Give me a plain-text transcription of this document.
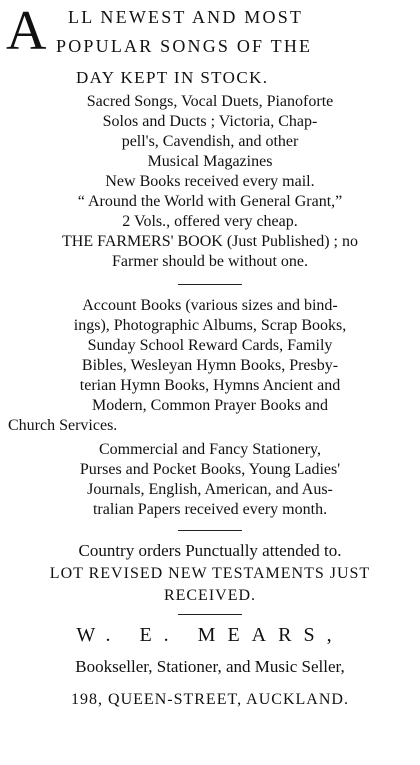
A LL NEWEST AND MOST
POPULAR SONGS OF THE
DAY KEPT IN STOCK.
Sacred Songs, Vocal Duets, Pianoforte
Solos and Ducts ; Victoria, Chap-
pell's, Cavendish, and other
Musical Magazines
New Books received every mail.
“ Around the World with General Grant,”
2 Vols., offered very cheap.
THE FARMERS' BOOK (Just Published) ; no
Farmer should be without one.
Account Books (various sizes and bind-
ings), Photographic Albums, Scrap Books,
Sunday School Reward Cards, Family
Bibles, Wesleyan Hymn Books, Presby-
terian Hymn Books, Hymns Ancient and
Modern, Common Prayer Books and
Church Services.
Commercial and Fancy Stationery,
Purses and Pocket Books, Young Ladies'
Journals, English, American, and Aus-
tralian Papers received every month.
Country orders Punctually attended to.
LOT REVISED NEW TESTAMENTS JUST
RECEIVED.
W. E. MEARS,
Bookseller, Stationer, and Music Seller,
198, QUEEN-STREET, AUCKLAND.
